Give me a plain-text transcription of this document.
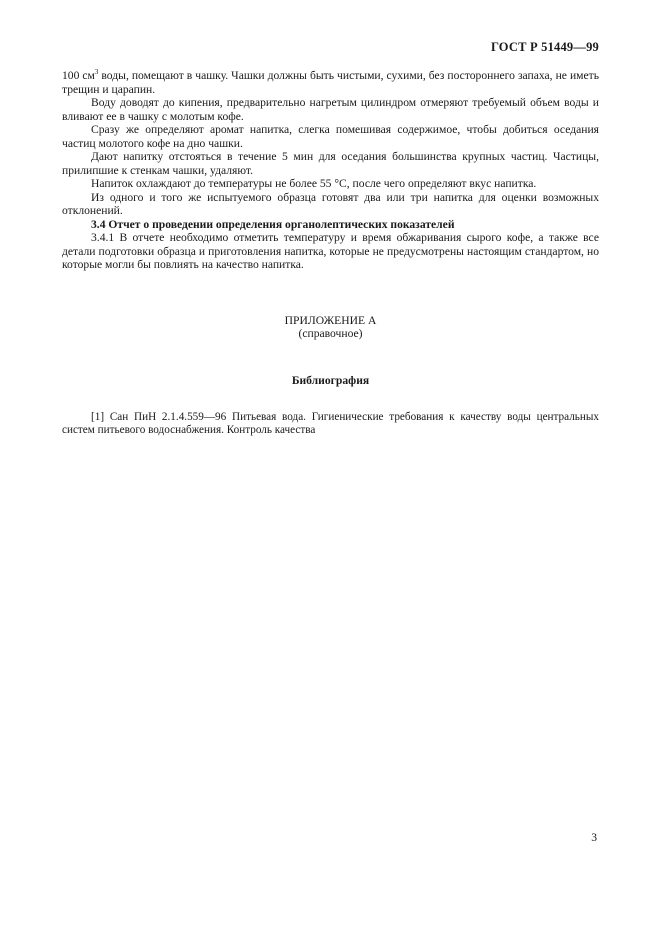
ГОСТ Р 51449—99

100 $см^3$ воды, помещают в чашку. Чашки должны быть чистыми, сухими, без постороннего запаха, не иметь трещин и царапин.

Воду доводят до кипения, предварительно нагретым цилиндром отмеряют требуемый объем воды и вливают ее в чашку с молотым кофе.

Сразу же определяют аромат напитка, слегка помешивая содержимое, чтобы добиться оседания частиц молотого кофе на дно чашки.

Дают напитку отстояться в течение 5 мин для оседания большинства крупных частиц. Частицы, прилипшие к стенкам чашки, удаляют.

Напиток охлаждают до температуры не более 55 °С, после чего определяют вкус напитка.

Из одного и того же испытуемого образца готовят два или три напитка для оценки возможных отклонений.

3.4 Отчет о проведении определения органолептических показателей

3.4.1 В отчете необходимо отметить температуру и время обжаривания сырого кофе, а также все детали подготовки образца и приготовления напитка, которые не предусмотрены настоящим стандартом, но которые могли бы повлиять на качество напитка.

ПРИЛОЖЕНИЕ А
(справочное)
Библиография

[1] Сан ПиН 2.1.4.559—96 Питьевая вода. Гигиенические требования к качеству воды центральных систем питьевого водоснабжения. Контроль качества

3
